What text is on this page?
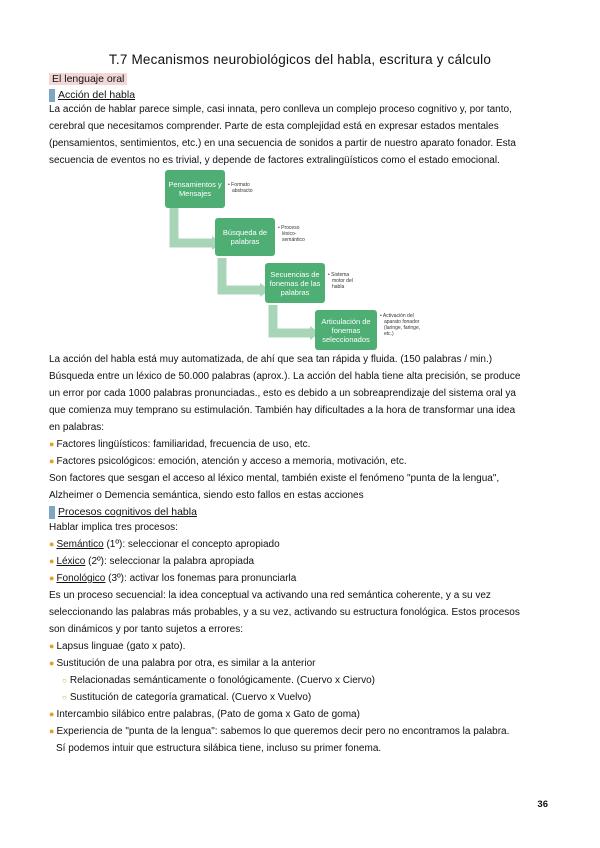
T.7 Mecanismos neurobiológicos del habla, escritura y cálculo
El lenguaje oral
Acción del habla
La acción de hablar parece simple, casi innata, pero conlleva un complejo proceso cognitivo y, por tanto,
cerebral que necesitamos comprender. Parte de esta complejidad está en expresar estados mentales
(pensamientos, sentimientos, etc.) en una secuencia de sonidos a partir de nuestro aparato fonador. Esta
secuencia de eventos no es trivial, y depende de factores extralingüísticos como el estado emocional.
Pensamientos y Mensajes
Búsqueda de palabras
Secuencias de fonemas de las palabras
Articulación de fonemas seleccionados
• Formato
abstracto
• Proceso
léxico-
semántico
• Sistema
motor del
habla
• Activación del
aparato fonador
(laringe, faringe,
etc.)
La acción del habla está muy automatizada, de ahí que sea tan rápida y fluida. (150 palabras / min.)
Búsqueda entre un léxico de 50.000 palabras (aprox.). La acción del habla tiene alta precisión, se produce
un error por cada 1000 palabras pronunciadas., esto es debido a un sobreaprendizaje del sistema oral ya
que comienza muy temprano su estimulación. También hay dificultades a la hora de transformar una idea
en palabras:
● Factores lingüísticos: familiaridad, frecuencia de uso, etc.
● Factores psicológicos: emoción, atención y acceso a memoria, motivación, etc.
Son factores que sesgan el acceso al léxico mental, también existe el fenómeno "punta de la lengua",
Alzheimer o Demencia semántica, siendo esto fallos en estas acciones
Procesos cognitivos del habla
Hablar implica tres procesos:
● Semántico (1º): seleccionar el concepto apropiado
● Léxico (2º): seleccionar la palabra apropiada
● Fonológico (3º): activar los fonemas para pronunciarla
Es un proceso secuencial: la idea conceptual va activando una red semántica coherente, y a su vez
seleccionando las palabras más probables, y a su vez, activando su estructura fonológica. Estos procesos
son dinámicos y por tanto sujetos a errores:
● Lapsus linguae (gato x pato).
● Sustitución de una palabra por otra, es similar a la anterior
○ Relacionadas semánticamente o fonológicamente. (Cuervo x Ciervo)
○ Sustitución de categoría gramatical. (Cuervo x Vuelvo)
● Intercambio silábico entre palabras, (Pato de goma x Gato de goma)
● Experiencia de "punta de la lengua": sabemos lo que queremos decir pero no encontramos la palabra.
Sí podemos intuir que estructura silábica tiene, incluso su primer fonema.
36
